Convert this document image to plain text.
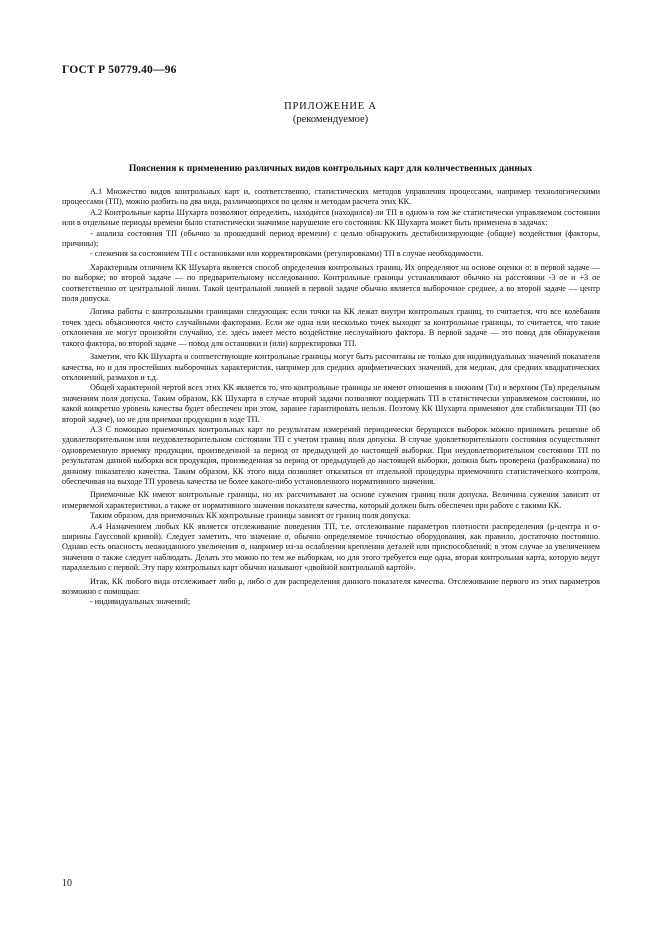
ГОСТ Р 50779.40—96
ПРИЛОЖЕНИЕ А
(рекомендуемое)
Пояснения к применению различных видов контрольных карт для количественных данных

А.1 Множество видов контрольных карт и, соответственно, статистических методов управления процессами, например технологическими процессами (ТП), можно разбить на два вида, различающихся по целям и методам расчета этих КК.

А.2 Контрольные карты Шухарта позволяют определить, находится (находился) ли ТП в одном и том же статистически управляемом состоянии или в отдельные периоды времени было статистически значимое нарушение его состояния. КК Шухарта может быть применена в задачах:

- анализа состояния ТП (обычно за прошедший период времени) с целью обнаружить дестабилизирующие (общие) воздействия (факторы, причины);

- слежения за состоянием ТП с остановками или корректировками (регулировками) ТП в случае необходимости.

Характерным отличием КК Шухарта является способ определения контрольных границ. Их определяют на основе оценки σ: в первой задаче — по выборке; во второй задаче — по предварительному исследованию. Контрольные границы устанавливают обычно на расстоянии -3 σe и +3 σe соответственно от центральной линии. Такой центральной линией в первой задаче обычно является выборочное среднее, а во второй задаче — центр поля допуска.

Логика работы с контрольными границами следующая: если точки на КК лежат внутри контрольных границ, то считается, что все колебания точек здесь объясняются чисто случайными факторами. Если же одна или несколько точек выходят за контрольные границы, то считается, что такие отклонения не могут произойти случайно, т.е. здесь имеет место воздействие неслучайного фактора. В первой задаче — это повод для обнаружения такого фактора, во второй задаче — повод для остановки и (или) корректировки ТП.

Заметим, что КК Шухарта и соответствующие контрольные границы могут быть рассчитаны не только для индивидуальных значений показателя качества, но и для простейших выборочных характеристик, например для средних арифметических значений, для медиан, для средних квадратических отклонений, размахов и т.д.

Общей характерной чертой всех этих КК является то, что контрольные границы не имеют отношения к нижним (Tн) и верхним (Tв) предельным значениям поля допуска. Таким образом, КК Шухарта в случае второй задачи позволяют поддержать ТП в статистически управляемом состоянии, но какой конкретно уровень качества будет обеспечен при этом, заранее гарантировать нельзя. Поэтому КК Шухарта применяют для стабилизации ТП (во второй задаче), но не для приемки продукции в ходе ТП.

А.3 С помощью приемочных контрольных карт по результатам измерений периодически берущихся выборок можно принимать решение об удовлетворительном или неудовлетворительном состоянии ТП с учетом границ поля допуска. В случае удовлетворительного состояния осуществляют одновременную приемку продукции, произведенной за период от предыдущей до настоящей выборки. При неудовлетворительном состоянии ТП по результатам данной выборки вся продукция, произведенная за период от предыдущей до настоящей выборки, должна быть проверена (разбракована) по данному показателю качества. Таким образом, КК этого вида позволяет отказаться от отдельной процедуры приемочного статистического контроля, обеспечивая на выходе ТП уровень качества не более какого-либо установленного нормативного значения.

Приемочные КК имеют контрольные границы, но их рассчитывают на основе сужения границ поля допуска. Величина сужения зависит от измеряемой характеристики, а также от нормативного значения показателя качества, который должен быть обеспечен при работе с такими КК.

Таким образом, для приемочных КК контрольные границы зависят от границ поля допуска.

А.4 Назначением любых КК является отслеживание поведения ТП, т.е. отслеживание параметров плотности распределения (μ-центра и σ-ширины Гауссовой кривой). Следует заметить, что значение σ, обычно определяемое точностью оборудования, как правило, достаточно постоянно. Однако есть опасность неожиданного увеличения σ, например из-за ослабления крепления деталей или приспособлений; в этом случае за увеличением значения σ также следует наблюдать. Делать это можно по тем же выборкам, но для этого требуется еще одна, вторая контрольная карта, которую ведут параллельно с первой. Эту пару контрольных карт обычно называют «двойной контрольной картой».

Итак, КК любого вида отслеживает либо μ, либо σ для распределения данного показателя качества. Отслеживание первого из этих параметров возможно с помощью:

- индивидуальных значений;

10
